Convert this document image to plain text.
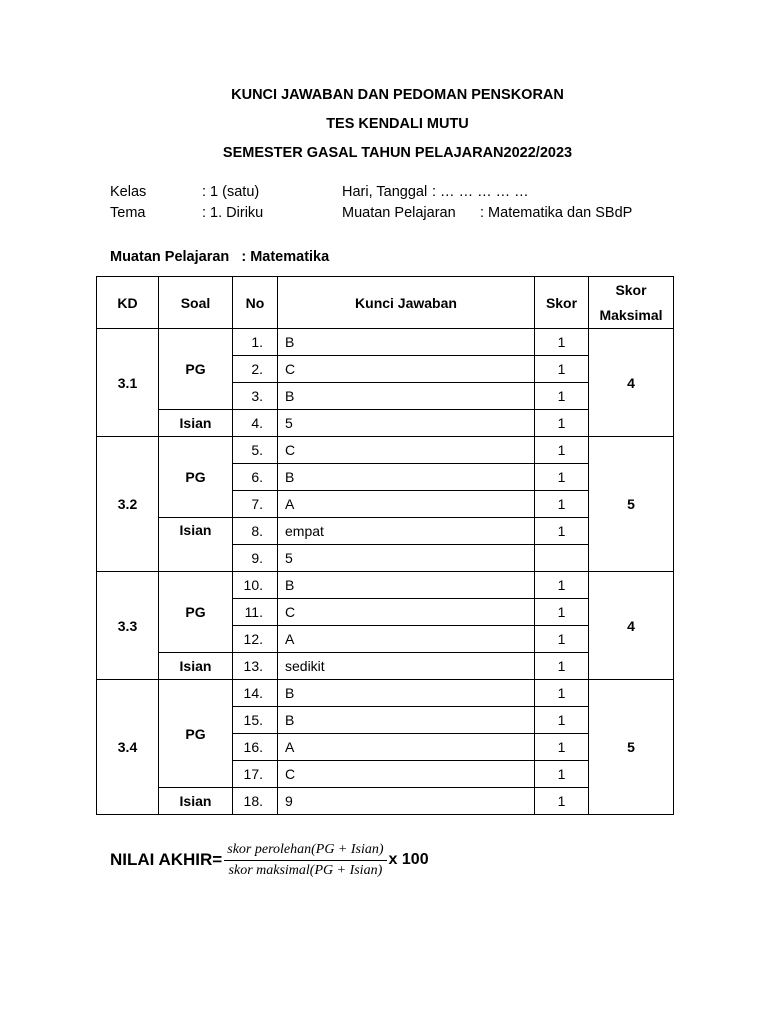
KUNCI JAWABAN DAN PEDOMAN PENSKORAN
TES KENDALI MUTU
SEMESTER GASAL TAHUN PELAJARAN2022/2023
Kelas	: 1 (satu)	Hari, Tanggal : … … … … …
Tema	: 1. Diriku	Muatan Pelajaran : Matematika dan SBdP
Muatan Pelajaran   : Matematika
KD	Soal	No	Kunci Jawaban	Skor	Skor
Maksimal

3.1	PG	1.	B	1	4
		2.	C	1	
		3.	B	1	
	Isian	4.	5	1	
3.2	PG	5.	C	1	5
		6.	B	1	
		7.	A	1	
	Isian	8.	empat	1	
		9.	5		
3.3	PG	10.	B	1	4
		11.	C	1	
		12.	A	1	
	Isian	13.	sedikit	1	
3.4	PG	14.	B	1	5
		15.	B	1	
		16.	A	1	
		17.	C	1	
	Isian	18.	9	1	
NILAI AKHIR= $\frac{\text{skor perolehan(PG + Isian)}}{\text{skor maksimal(PG + Isian)}}$ x 100
